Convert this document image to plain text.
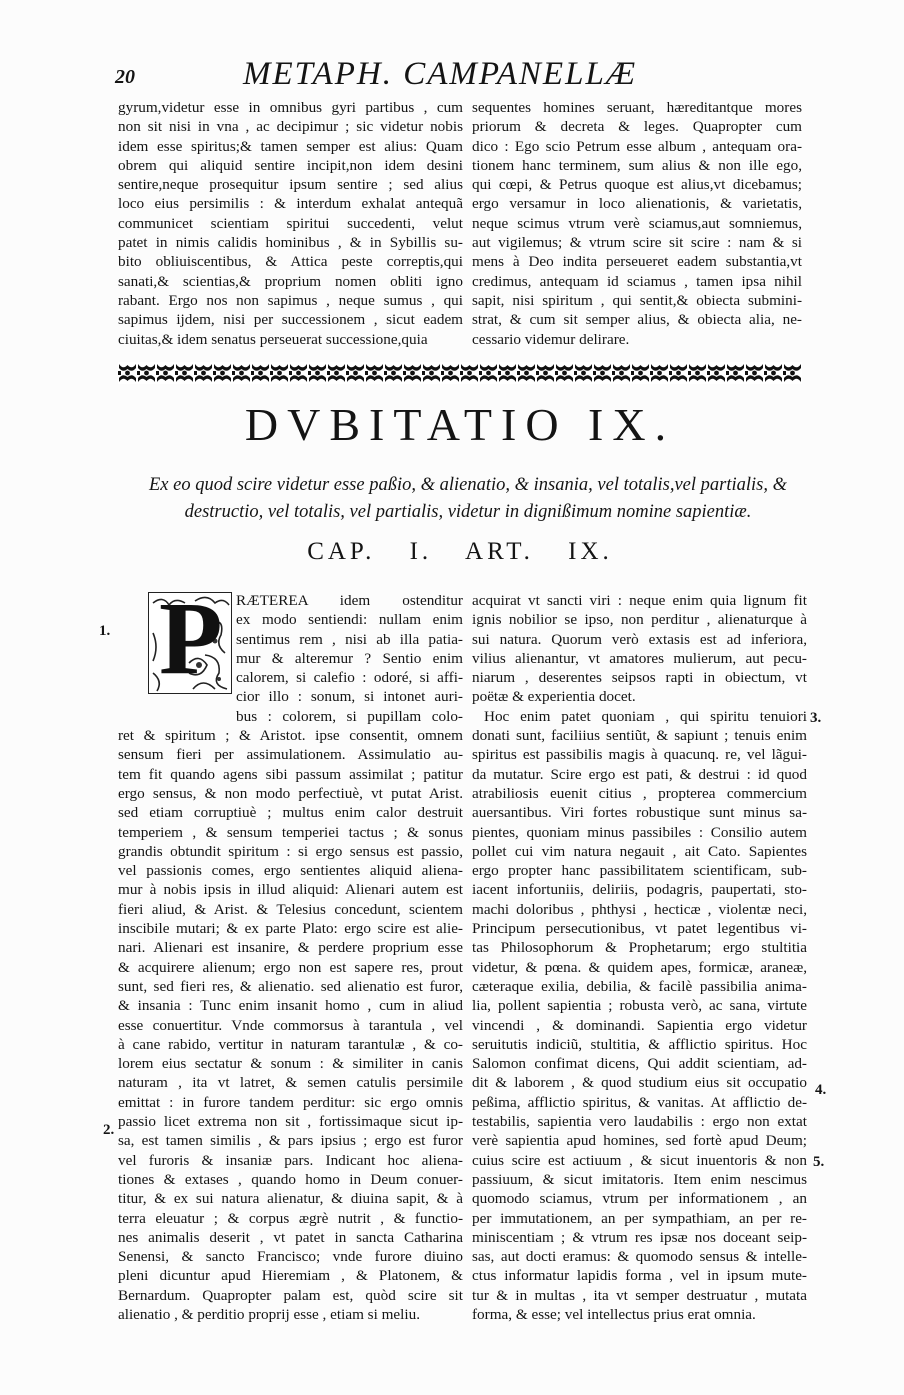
20	METAPH. CAMPANELLÆ
gyrum,videtur esse in omnibus gyri partibus , cum
non sit nisi in vna , ac decipimur ; sic videtur nobis
idem esse spiritus;& tamen semper est alius: Quam
obrem qui aliquid sentire incipit,non idem desini
sentire,neque prosequitur ipsum sentire ; sed alius
loco eius persimilis : & interdum exhalat antequã
communicet scientiam spiritui succedenti, velut
patet in nimis calidis hominibus , & in Sybillis su-
bito obliuiscentibus, & Attica peste correptis,qui
sanati,& scientias,& proprium nomen obliti igno
rabant. Ergo nos non sapimus , neque sumus , qui
sapimus ijdem, nisi per successionem , sicut eadem
ciuitas,& idem senatus perseuerat successione,quia
sequentes homines seruant, hæreditantque mores
priorum & decreta & leges. Quapropter cum
dico : Ego scio Petrum esse album , antequam ora-
tionem hanc terminem, sum alius & non ille ego,
qui cœpi, & Petrus quoque est alius,vt dicebamus;
ergo versamur in loco alienationis, & varietatis,
neque scimus vtrum verè sciamus,aut somniemus,
aut vigilemus; & vtrum scire sit scire : nam & si
mens à Deo indita perseueret eadem substantia,vt
credimus, antequam id sciamus , tamen ipsa nihil
sapit, nisi spiritum , qui sentit,& obiecta submini-
strat, & cum sit semper alius, & obiecta alia, ne-
cessario videmur delirare.
DVBITATIO IX.
Ex eo quod scire videtur esse paßio, & alienatio, & insania, vel totalis,vel partialis, &
destructio, vel totalis, vel partialis, videtur in dignißimum nomine sapientiæ.
CAP. I. ART. IX.
RÆTEREA idem ostenditur
ex modo sentiendi: nullam enim
sentimus rem , nisi ab illa patia-
mur & alteremur ? Sentio enim
calorem, si calefio : odoré, si affi-
cior illo : sonum, si intonet auri-
bus : colorem, si pupillam colo-
ret & spiritum ; & Aristot. ipse consentit, omnem
sensum fieri per assimulationem. Assimulatio au-
tem fit quando agens sibi passum assimilat ; patitur
ergo sensus, & non modo perfectiuè, vt putat Arist.
sed etiam corruptiuè ; multus enim calor destruit
temperiem , & sensum temperiei tactus ; & sonus
grandis obtundit spiritum : si ergo sensus est passio,
vel passionis comes, ergo sentientes aliquid aliena-
mur à nobis ipsis in illud aliquid: Alienari autem est
fieri aliud, & Arist. & Telesius concedunt, scientem
inscibile mutari; & ex parte Plato: ergo scire est alie-
nari. Alienari est insanire, & perdere proprium esse
& acquirere alienum; ergo non est sapere res, prout
sunt, sed fieri res, & alienatio. sed alienatio est furor,
& insania : Tunc enim insanit homo , cum in aliud
esse conuertitur. Vnde commorsus à tarantula , vel
à cane rabido, vertitur in naturam tarantulæ , & co-
lorem eius sectatur & sonum : & similiter in canis
naturam , ita vt latret, & semen catulis persimile
emittat : in furore tandem perditur: sic ergo omnis
passio licet extrema non sit , fortissimaque sicut ip-
sa, est tamen similis , & pars ipsius ; ergo est furor
vel furoris & insaniæ pars. Indicant hoc aliena-
tiones & extases , quando homo in Deum conuer-
titur, & ex sui natura alienatur, & diuina sapit, & à
terra eleuatur ; & corpus ægrè nutrit , & functio-
nes animalis deserit , vt patet in sancta Catharina
Senensi, & sancto Francisco; vnde furore diuino
pleni dicuntur apud Hieremiam , & Platonem, &
Bernardum. Quapropter palam est, quòd scire sit
alienatio , & perditio proprij esse , etiam si meliu.
acquirat vt sancti viri : neque enim quia lignum fit
ignis nobilior se ipso, non perditur , alienaturque à
sui natura. Quorum verò extasis est ad inferiora,
vilius alienantur, vt amatores mulierum, aut pecu-
niarum , deserentes seipsos rapti in obiectum, vt
poëtæ & experientia docet.
Hoc enim patet quoniam , qui spiritu tenuiori
donati sunt, faciliius sentiũt, & sapiunt ; tenuis enim
spiritus est passibilis magis à quacunq. re, vel lãgui-
da mutatur. Scire ergo est pati, & destrui : id quod
atrabiliosis euenit citius , propterea commercium
auersantibus. Viri fortes robustique sunt minus sa-
pientes, quoniam minus passibiles : Consilio autem
pollet cui vim natura negauit , ait Cato. Sapientes
ergo propter hanc passibilitatem scientificam, sub-
iacent infortuniis, deliriis, podagris, paupertati, sto-
machi doloribus , phthysi , hecticæ , violentæ neci,
Principum persecutionibus, vt patet legentibus vi-
tas Philosophorum & Prophetarum; ergo stultitia
videtur, & pœna. & quidem apes, formicæ, araneæ,
cæteraque exilia, debilia, & facilè passibilia anima-
lia, pollent sapientia ; robusta verò, ac sana, virtute
vincendi , & dominandi. Sapientia ergo videtur
seruitutis indiciũ, stultitia, & afflictio spiritus. Hoc
Salomon confimat dicens, Qui addit scientiam, ad-
dit & laborem , & quod studium eius sit occupatio
peßima, afflictio spiritus, & vanitas. At afflictio de-
testabilis, sapientia vero laudabilis : ergo non extat
verè sapientia apud homines, sed fortè apud Deum;
cuius scire est actiuum , & sicut inuentoris & non
passiuum, & sicut imitatoris. Item enim nescimus
quomodo sciamus, vtrum per informationem , an
per immutationem, an per sympathiam, an per re-
miniscentiam ; & vtrum res ipsæ nos doceant seip-
sas, aut docti eramus: & quomodo sensus & intelle-
ctus informatur lapidis forma , vel in ipsum mute-
tur & in multas , ita vt semper destruatur , mutata
forma, & esse; vel intellectus prius erat omnia.
P
1.
2.
3.
4.
5.
